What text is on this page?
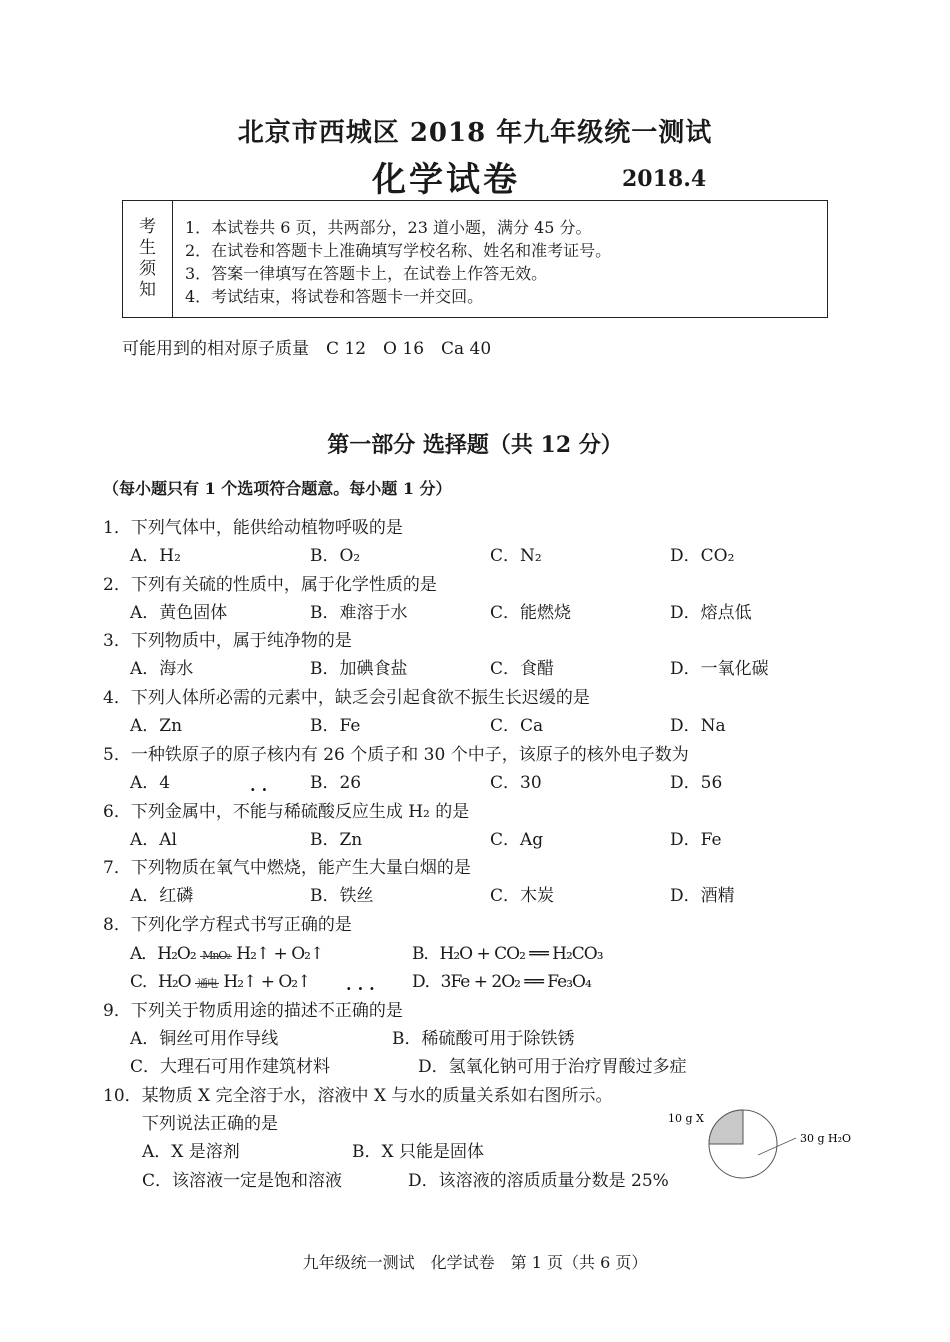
北京市西城区 2018 年九年级统一测试
化学试卷	2018.4
考
生
须
知
1．本试卷共 6 页，共两部分，23 道小题，满分 45 分。
2．在试卷和答题卡上准确填写学校名称、姓名和准考证号。
3．答案一律填写在答题卡上，在试卷上作答无效。
4．考试结束，将试卷和答题卡一并交回。
可能用到的相对原子质量　C 12　O 16　Ca 40
第一部分 选择题（共 12 分）
（每小题只有 1 个选项符合题意。每小题 1 分）
1．下列气体中，能供给动植物呼吸的是
A．H₂	B．O₂	C．N₂	D．CO₂
2．下列有关硫的性质中，属于化学性质的是
A．黄色固体	B．难溶于水	C．能燃烧	D．熔点低
3．下列物质中，属于纯净物的是
A．海水	B．加碘食盐	C．食醋	D．一氧化碳
4．下列人体所必需的元素中，缺乏会引起食欲不振生长迟缓的是
A．Zn	B．Fe	C．Ca	D．Na
5．一种铁原子的原子核内有 26 个质子和 30 个中子，该原子的核外电子数为
A．4	B．26	C．30	D．56
··
6．下列金属中，不能与稀硫酸反应生成 H₂ 的是
A．Al	B．Zn	C．Ag	D．Fe
7．下列物质在氧气中燃烧，能产生大量白烟的是
A．红磷	B．铁丝	C．木炭	D．酒精
8．下列化学方程式书写正确的是
A．H₂O₂ MnO₂ H₂↑ + O₂↑	B．H₂O + CO₂ ══ H₂CO₃
C．H₂O 通电 H₂↑ + O₂↑	D．3Fe + 2O₂ ══ Fe₃O₄
···
9．下列关于物质用途的描述不正确的是
A．铜丝可用作导线	B．稀硫酸可用于除铁锈
C．大理石可用作建筑材料	D．氢氧化钠可用于治疗胃酸过多症
10．某物质 X 完全溶于水，溶液中 X 与水的质量关系如右图所示。
下列说法正确的是
A．X 是溶剂	B．X 只能是固体
C．该溶液一定是饱和溶液	D．该溶液的溶质质量分数是 25%
10 g X
30 g H₂O
九年级统一测试　化学试卷　第 1 页（共 6 页）
